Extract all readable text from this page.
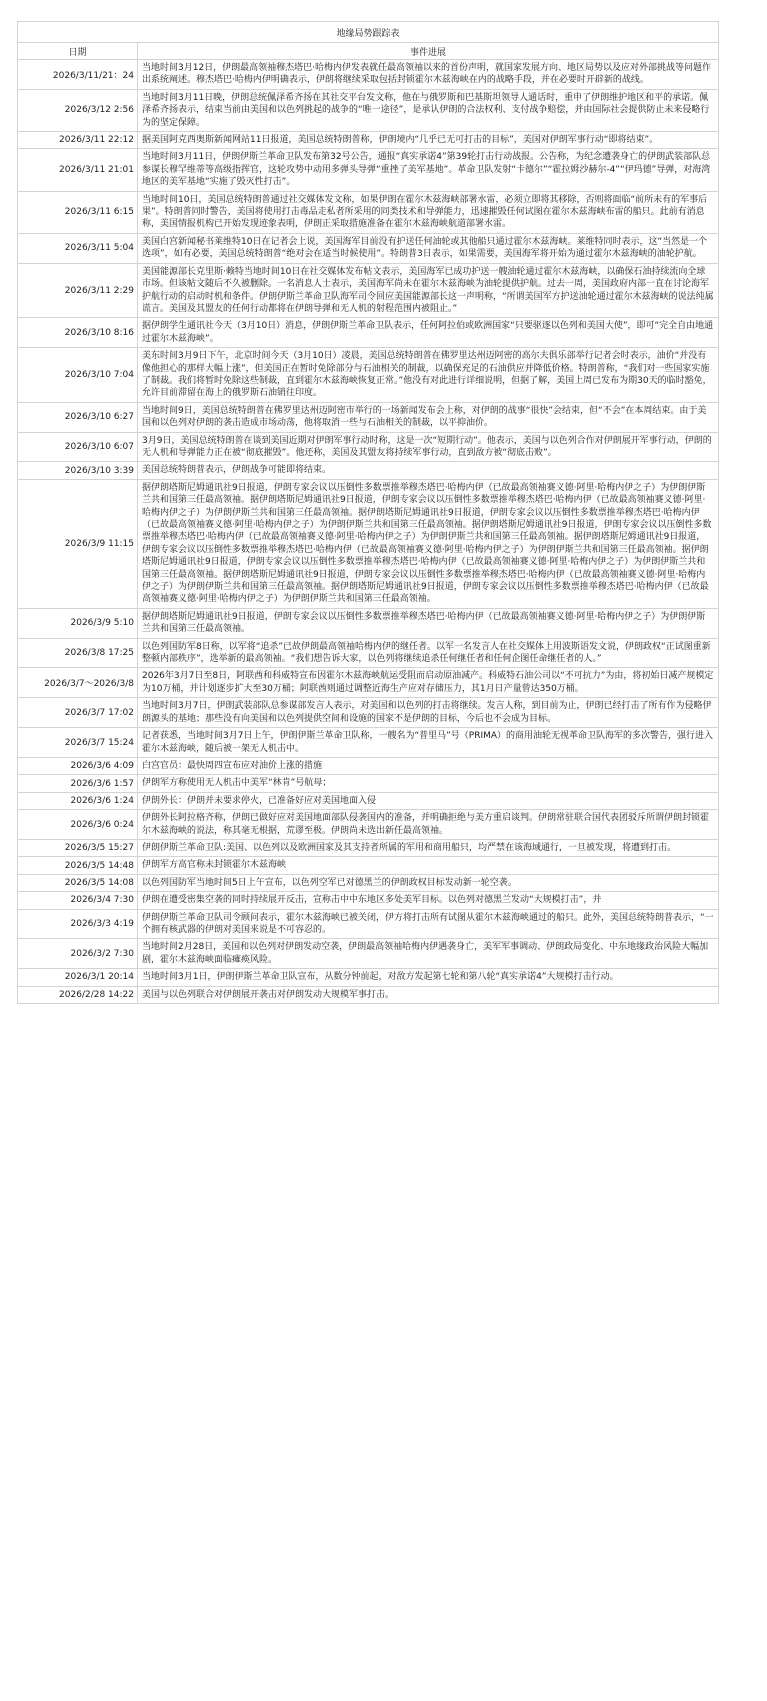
地缘局势跟踪表	
日期	事件进展
2026/3/11/21：24	当地时间3月12日，伊朗最高领袖穆杰塔巴·哈梅内伊发表就任最高领袖以来的首份声明，就国家发展方向、地区局势以及应对外部挑战等问题作出系统阐述。穆杰塔巴·哈梅内伊明确表示，伊朗将继续采取包括封锁霍尔木兹海峡在内的战略手段，并在必要时开辟新的战线。
2026/3/12 2:56	当地时间3月11日晚，伊朗总统佩泽希齐扬在其社交平台发文称，他在与俄罗斯和巴基斯坦领导人通话时，重申了伊朗维护地区和平的承诺。佩泽希齐扬表示，结束当前由美国和以色列挑起的战争的“唯一途径”，是承认伊朗的合法权利、支付战争赔偿，并由国际社会提供防止未来侵略行为的坚定保障。
2026/3/11 22:12	据美国阿克西奥斯新闻网站11日报道，美国总统特朗普称，伊朗境内“几乎已无可打击的目标”，美国对伊朗军事行动“即将结束”。
2026/3/11 21:01	当地时间3月11日，伊朗伊斯兰革命卫队发布第32号公告，通报“真实承诺4”第39轮打击行动战报。公告称，为纪念遭袭身亡的伊朗武装部队总参谋长穆罕维蒂等高级指挥官，这轮攻势中动用多弹头导弹“重挫了美军基地”。革命卫队发射“卡德尔”“霍拉姆沙赫尔-4”“伊玛德”导弹，对海湾地区的美军基地“实施了毁灭性打击”。
2026/3/11 6:15	当地时间10日，美国总统特朗普通过社交媒体发文称，如果伊朗在霍尔木兹海峡部署水雷，必须立即将其移除，否则将面临“前所未有的军事后果”。特朗普同时警告，美国将使用打击毒品走私者所采用的同类技术和导弹能力，迅速摧毁任何试图在霍尔木兹海峡布雷的船只。此前有消息称，美国情报机构已开始发现迹象表明，伊朗正采取措施准备在霍尔木兹海峡航道部署水雷。
2026/3/11 5:04	美国白宫新闻秘书莱维特10日在记者会上说，美国海军目前没有护送任何油轮或其他船只通过霍尔木兹海峡。莱维特同时表示，这“当然是一个选项”，如有必要，美国总统特朗普“绝对会在适当时候使用”。特朗普3日表示，如果需要，美国海军将开始为通过霍尔木兹海峡的油轮护航。
2026/3/11 2:29	美国能源部长克里斯·赖特当地时间10日在社交媒体发布帖文表示，美国海军已成功护送一艘油轮通过霍尔木兹海峡，以确保石油持续流向全球市场。但该帖文随后不久被删除。一名消息人士表示，美国海军尚未在霍尔木兹海峡为油轮提供护航。过去一周，美国政府内部一直在讨论海军护航行动的启动时机和条件。伊朗伊斯兰革命卫队海军司令回应美国能源部长这一声明称，“所谓美国军方护送油轮通过霍尔木兹海峡的说法纯属谎言。美国及其盟友的任何行动都将在伊朗导弹和无人机的射程范围内被阻止。”
2026/3/10 8:16	据伊朗学生通讯社今天（3月10日）消息，伊朗伊斯兰革命卫队表示，任何阿拉伯或欧洲国家“只要驱逐以色列和美国大使”，即可“完全自由地通过霍尔木兹海峡”。
2026/3/10 7:04	美东时间3月9日下午，北京时间今天（3月10日）凌晨，美国总统特朗普在佛罗里达州迈阿密的高尔夫俱乐部举行记者会时表示，油价“并没有像他担心的那样大幅上涨”，但美国正在暂时免除部分与石油相关的制裁，以确保充足的石油供应并降低价格。特朗普称，“我们对一些国家实施了制裁。我们将暂时免除这些制裁，直到霍尔木兹海峡恢复正常。”他没有对此进行详细说明，但据了解，美国上周已发布为期30天的临时豁免，允许目前滞留在海上的俄罗斯石油销往印度。
2026/3/10 6:27	当地时间9日，美国总统特朗普在佛罗里达州迈阿密市举行的一场新闻发布会上称，对伊朗的战事“很快”会结束，但“不会”在本周结束。由于美国和以色列对伊朗的袭击造成市场动荡，他将取消一些与石油相关的制裁，以平抑油价。
2026/3/10 6:07	3月9日，美国总统特朗普在谈到美国近期对伊朗军事行动时称，这是一次“短期行动”。他表示，美国与以色列合作对伊朗展开军事行动，伊朗的无人机和导弹能力正在被“彻底摧毁”。他还称，美国及其盟友将持续军事行动，直到敌方被“彻底击败”。
2026/3/10 3:39	美国总统特朗普表示，伊朗战争可能即将结束。
2026/3/9 11:15	据伊朗塔斯尼姆通讯社9日报道，伊朗专家会议以压倒性多数票推举穆杰塔巴·哈梅内伊（已故最高领袖赛义德·阿里·哈梅内伊之子）为伊朗伊斯兰共和国第三任最高领袖。据伊朗塔斯尼姆通讯社9日报道，伊朗专家会议以压倒性多数票推举穆杰塔巴·哈梅内伊（已故最高领袖赛义德·阿里·哈梅内伊之子）为伊朗伊斯兰共和国第三任最高领袖。据伊朗塔斯尼姆通讯社9日报道，伊朗专家会议以压倒性多数票推举穆杰塔巴·哈梅内伊（已故最高领袖赛义德·阿里·哈梅内伊之子）为伊朗伊斯兰共和国第三任最高领袖。据伊朗塔斯尼姆通讯社9日报道，伊朗专家会议以压倒性多数票推举穆杰塔巴·哈梅内伊（已故最高领袖赛义德·阿里·哈梅内伊之子）为伊朗伊斯兰共和国第三任最高领袖。据伊朗塔斯尼姆通讯社9日报道，伊朗专家会议以压倒性多数票推举穆杰塔巴·哈梅内伊（已故最高领袖赛义德·阿里·哈梅内伊之子）为伊朗伊斯兰共和国第三任最高领袖。据伊朗塔斯尼姆通讯社9日报道，伊朗专家会议以压倒性多数票推举穆杰塔巴·哈梅内伊（已故最高领袖赛义德·阿里·哈梅内伊之子）为伊朗伊斯兰共和国第三任最高领袖。据伊朗塔斯尼姆通讯社9日报道，伊朗专家会议以压倒性多数票推举穆杰塔巴·哈梅内伊（已故最高领袖赛义德·阿里·哈梅内伊之子）为伊朗伊斯兰共和国第三任最高领袖。据伊朗塔斯尼姆通讯社9日报道，伊朗专家会议以压倒性多数票推举穆杰塔巴·哈梅内伊（已故最高领袖赛义德·阿里·哈梅内伊之子）为伊朗伊斯兰共和国第三任最高领袖。
2026/3/9 5:10	据伊朗塔斯尼姆通讯社9日报道，伊朗专家会议以压倒性多数票推举穆杰塔巴·哈梅内伊（已故最高领袖赛义德·阿里·哈梅内伊之子）为伊朗伊斯兰共和国第三任最高领袖。
2026/3/8 17:25	以色列国防军8日称，以军将“追杀”已故伊朗最高领袖哈梅内伊的继任者。以军一名发言人在社交媒体上用波斯语发文说，伊朗政权“正试图重新整顿内部秩序”，选举新的最高领袖。“我们想告诉大家，以色列将继续追杀任何继任者和任何企图任命继任者的人。”
2026/3/7～2026/3/8	2026年3月7日至8日，阿联酋和科威特宣布因霍尔木兹海峡航运受阻而启动原油减产。科威特石油公司以“不可抗力”为由，将初始日减产规模定为10万桶，并计划逐步扩大至30万桶；阿联酋则通过调整近海生产应对存储压力，其1月日产量曾达350万桶。
2026/3/7 17:02	当地时间3月7日，伊朗武装部队总参谋部发言人表示，对美国和以色列的打击将继续。发言人称，到目前为止，伊朗已经打击了所有作为侵略伊朗源头的基地；那些没有向美国和以色列提供空间和设施的国家不是伊朗的目标，今后也不会成为目标。
2026/3/7 15:24	记者获悉，当地时间3月7日上午，伊朗伊斯兰革命卫队称，一艘名为“普里马”号（PRIMA）的商用油轮无视革命卫队海军的多次警告，强行进入霍尔木兹海峡，随后被一架无人机击中。
2026/3/6 4:09	白宫官员：最快周四宣布应对油价上涨的措施
2026/3/6 1:57	伊朗军方称使用无人机击中美军“林肯”号航母；
2026/3/6 1:24	伊朗外长：伊朗并未要求停火，已准备好应对美国地面入侵
2026/3/6 0:24	伊朗外长阿拉格齐称，伊朗已做好应对美国地面部队侵袭国内的准备，并明确拒绝与美方重启谈判。伊朗常驻联合国代表团驳斥所谓伊朗封锁霍尔木兹海峡的说法，称其毫无根据，荒谬至极。伊朗尚未选出新任最高领袖。
2026/3/5 15:27	伊朗伊斯兰革命卫队:美国、以色列以及欧洲国家及其支持者所属的军用和商用船只，均严禁在该海域通行，一旦被发现，将遭到打击。
2026/3/5 14:48	伊朗军方高官称未封锁霍尔木兹海峡
2026/3/5 14:08	以色列国防军当地时间5日上午宣布，以色列空军已对德黑兰的伊朗政权目标发动新一轮空袭。
2026/3/4 7:30	伊朗在遭受密集空袭的同时持续展开反击，宣称击中中东地区多处美军目标。以色列对德黑兰发动“大规模打击”，并
2026/3/3 4:19	伊朗伊斯兰革命卫队司令顾问表示，霍尔木兹海峡已被关闭，伊方将打击所有试图从霍尔木兹海峡通过的船只。此外，美国总统特朗普表示，“一个拥有核武器的伊朗对美国来说是不可容忍的。
2026/3/2 7:30	当地时间2月28日，美国和以色列对伊朗发动空袭，伊朗最高领袖哈梅内伊遇袭身亡，美军军事调动、伊朗政局变化、中东地缘政治风险大幅加剧，霍尔木兹海峡面临瘫痪风险。
2026/3/1 20:14	当地时间3月1日，伊朗伊斯兰革命卫队宣布，从数分钟前起，对敌方发起第七轮和第八轮“真实承诺4”大规模打击行动。
2026/2/28 14:22	美国与以色列联合对伊朗展开袭击对伊朗发动大规模军事打击。
